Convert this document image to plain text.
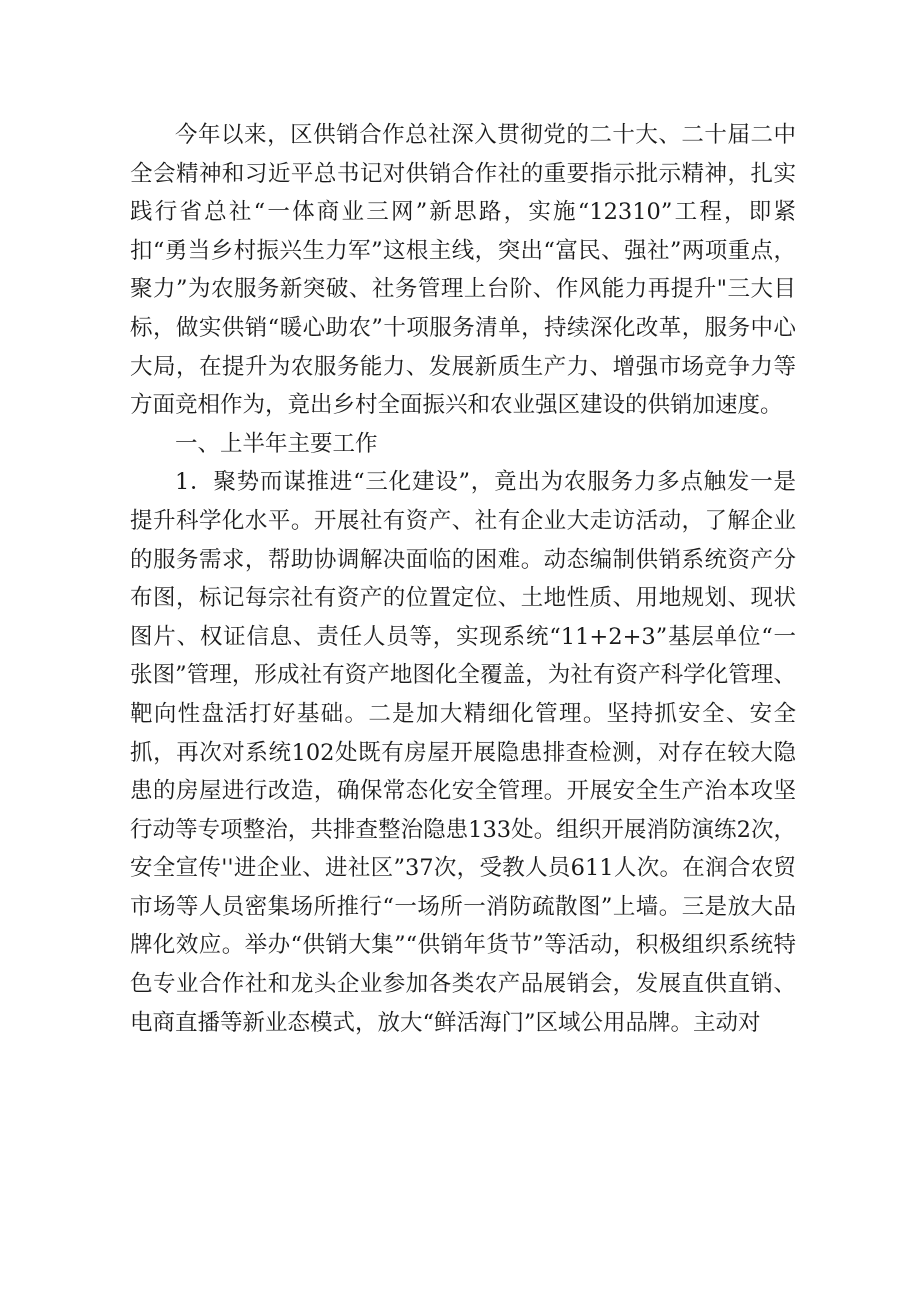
今年以来，区供销合作总社深入贯彻党的二十大、二十届二中全会精神和习近平总书记对供销合作社的重要指示批示精神，扎实践行省总社“一体商业三网”新思路，实施“12310”工程，即紧扣“勇当乡村振兴生力军”这根主线，突出“富民、强社”两项重点，聚力”为农服务新突破、社务管理上台阶、作风能力再提升"三大目标，做实供销“暖心助农”十项服务清单，持续深化改革，服务中心大局，在提升为农服务能力、发展新质生产力、增强市场竞争力等方面竞相作为，竟出乡村全面振兴和农业强区建设的供销加速度。

一、上半年主要工作

1．聚势而谋推进“三化建设”，竟出为农服务力多点触发一是提升科学化水平。开展社有资产、社有企业大走访活动，了解企业的服务需求，帮助协调解决面临的困难。动态编制供销系统资产分布图，标记每宗社有资产的位置定位、土地性质、用地规划、现状图片、权证信息、责任人员等，实现系统“11+2+3”基层单位“一张图”管理，形成社有资产地图化全覆盖，为社有资产科学化管理、靶向性盘活打好基础。二是加大精细化管理。坚持抓安全、安全抓，再次对系统102处既有房屋开展隐患排查检测，对存在较大隐患的房屋进行改造，确保常态化安全管理。开展安全生产治本攻坚行动等专项整治，共排查整治隐患133处。组织开展消防演练2次，安全宣传''进企业、进社区”37次，受教人员611人次。在润合农贸市场等人员密集场所推行“一场所一消防疏散图”上墙。三是放大品牌化效应。举办“供销大集”“供销年货节”等活动，积极组织系统特色专业合作社和龙头企业参加各类农产品展销会，发展直供直销、电商直播等新业态模式，放大“鲜活海门”区域公用品牌。主动对
